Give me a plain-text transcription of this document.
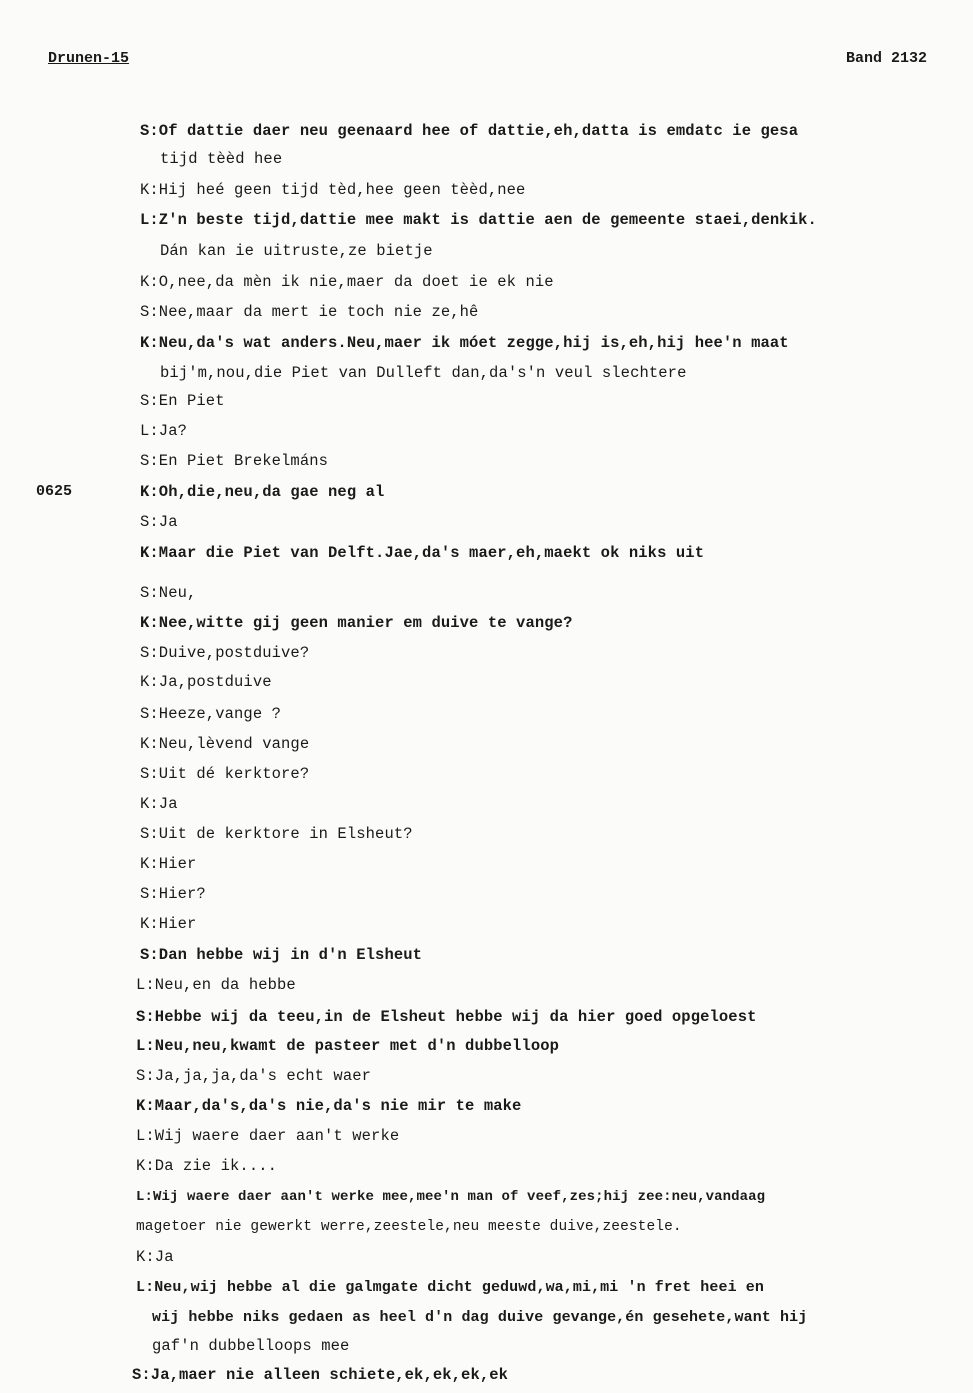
Drunen-15	Band 2132
0625
S:Of dattie daer neu geenaard hee of dattie,eh,datta is emdatc ie gesa
tijd tèèd hee
K:Hij heé geen tijd tèd,hee geen tèèd,nee
L:Z'n beste tijd,dattie mee makt is dattie aen de gemeente staei,denkik.
Dán kan ie uitruste,ze bietje
K:O,nee,da mèn ik nie,maer da doet ie ek nie
S:Nee,maar da mert ie toch nie ze,hê
K:Neu,da's wat anders.Neu,maer ik móet zegge,hij is,eh,hij hee'n maat
bij'm,nou,die Piet van Dulleft dan,da's'n veul slechtere
S:En Piet
L:Ja?
S:En Piet Brekelmáns
K:Oh,die,neu,da gae neg al
S:Ja
K:Maar die Piet van Delft.Jae,da's maer,eh,maekt ok niks uit
S:Neu,
K:Nee,witte gij geen manier em duive te vange?
S:Duive,postduive?
K:Ja,postduive
S:Heeze,vange ?
K:Neu,lèvend vange
S:Uit dé kerktore?
K:Ja
S:Uit de kerktore in Elsheut?
K:Hier
S:Hier?
K:Hier
S:Dan hebbe wij in d'n Elsheut
L:Neu,en da hebbe
S:Hebbe wij da teeu,in de Elsheut hebbe wij da hier goed opgeloest
L:Neu,neu,kwamt de pasteer met d'n dubbelloop
S:Ja,ja,ja,da's echt waer
K:Maar,da's,da's nie,da's nie mir te make
L:Wij waere daer aan't werke
K:Da zie ik....
L:Wij waere daer aan't werke mee,mee'n man of veef,zes;hij zee:neu,vandaag
magetoer nie gewerkt werre,zeestele,neu meeste duive,zeestele.
K:Ja
L:Neu,wij hebbe al die galmgate dicht geduwd,wa,mi,mi 'n fret heei en
wij hebbe niks gedaen as heel d'n dag duive gevange,én gesehete,want hij
gaf'n dubbelloops mee
S:Ja,maer nie alleen schiete,ek,ek,ek,ek
